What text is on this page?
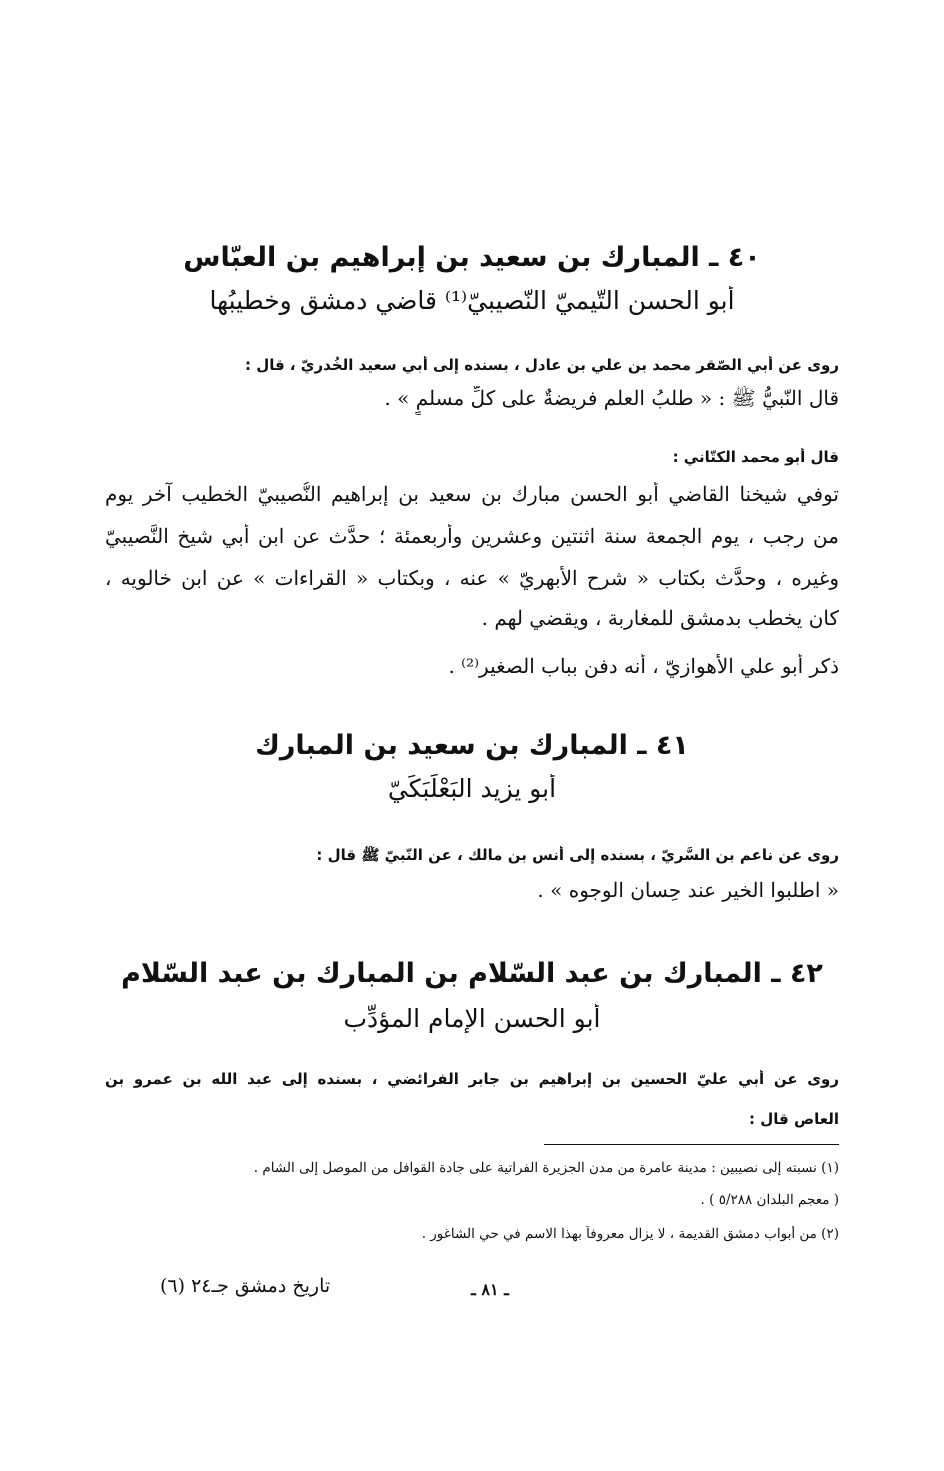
٤٠ ـ المبارك بن سعيد بن إبراهيم بن العبّاس
أبو الحسن التّيميّ النّصيبيّ⁽¹⁾ قاضي دمشق وخطيبُها
روى عن أبي الصّقر محمد بن علي بن عادل ، بسنده إلى أبي سعيد الخُدريّ ، قال :
قال النّبيُّ ﷺ : « طلبُ العلم فريضةٌ على كلِّ مسلمٍ » .
قال أبو محمد الكتّاني :
توفي شيخنا القاضي أبو الحسن مبارك بن سعيد بن إبراهيم النُّصيبيّ الخطيب آخر يومٍ
من رجب ، يوم الجمعة سنة اثنتين وعشرين وأربعمئة ؛ حدَّث عن ابن أبي شيخ النَّصيبيّ
وغيره ، وحدَّث بكتاب « شرح الأبهريّ » عنه ، وبكتاب « القراءات » عن ابن خالويه ،
كان يخطب بدمشق للمغاربة ، ويقضي لهم .
ذكر أبو علي الأهوازيّ ، أنه دفن بباب الصغير⁽²⁾ .
٤١ ـ المبارك بن سعيد بن المبارك
أبو يزيد البَعْلَبَكِّيّ
روى عن ناعم بن السَّريّ ، بسنده إلى أنس بن مالك ، عن النّبيّ ﷺ قال :
« اطلبوا الخير عند حِسان الوجوه » .
٤٢ ـ المبارك بن عبد السّلام بن المبارك بن عبد السّلام
أبو الحسن الإمام المؤدِّب
روى عن أبي عليّ الحسين بن إبراهيم بن جابر الفرائضي ، بسنده إلى عبد الله بن عمرو بن
العاص قال :
(١) نسبته إلى نصيبين : مدينة عامرة من مدن الجزيرة الفراتية على جادة القوافل من الموصل إلى الشام .
( معجم البلدان ٥/٢٨٨ ) .
(٢) من أبواب دمشق القديمة ، لا يزال معروفاً بهذا الاسم في حي الشاغور .
ـ ٨١ ـ
تاريخ دمشق جـ٢٤ (٦)
